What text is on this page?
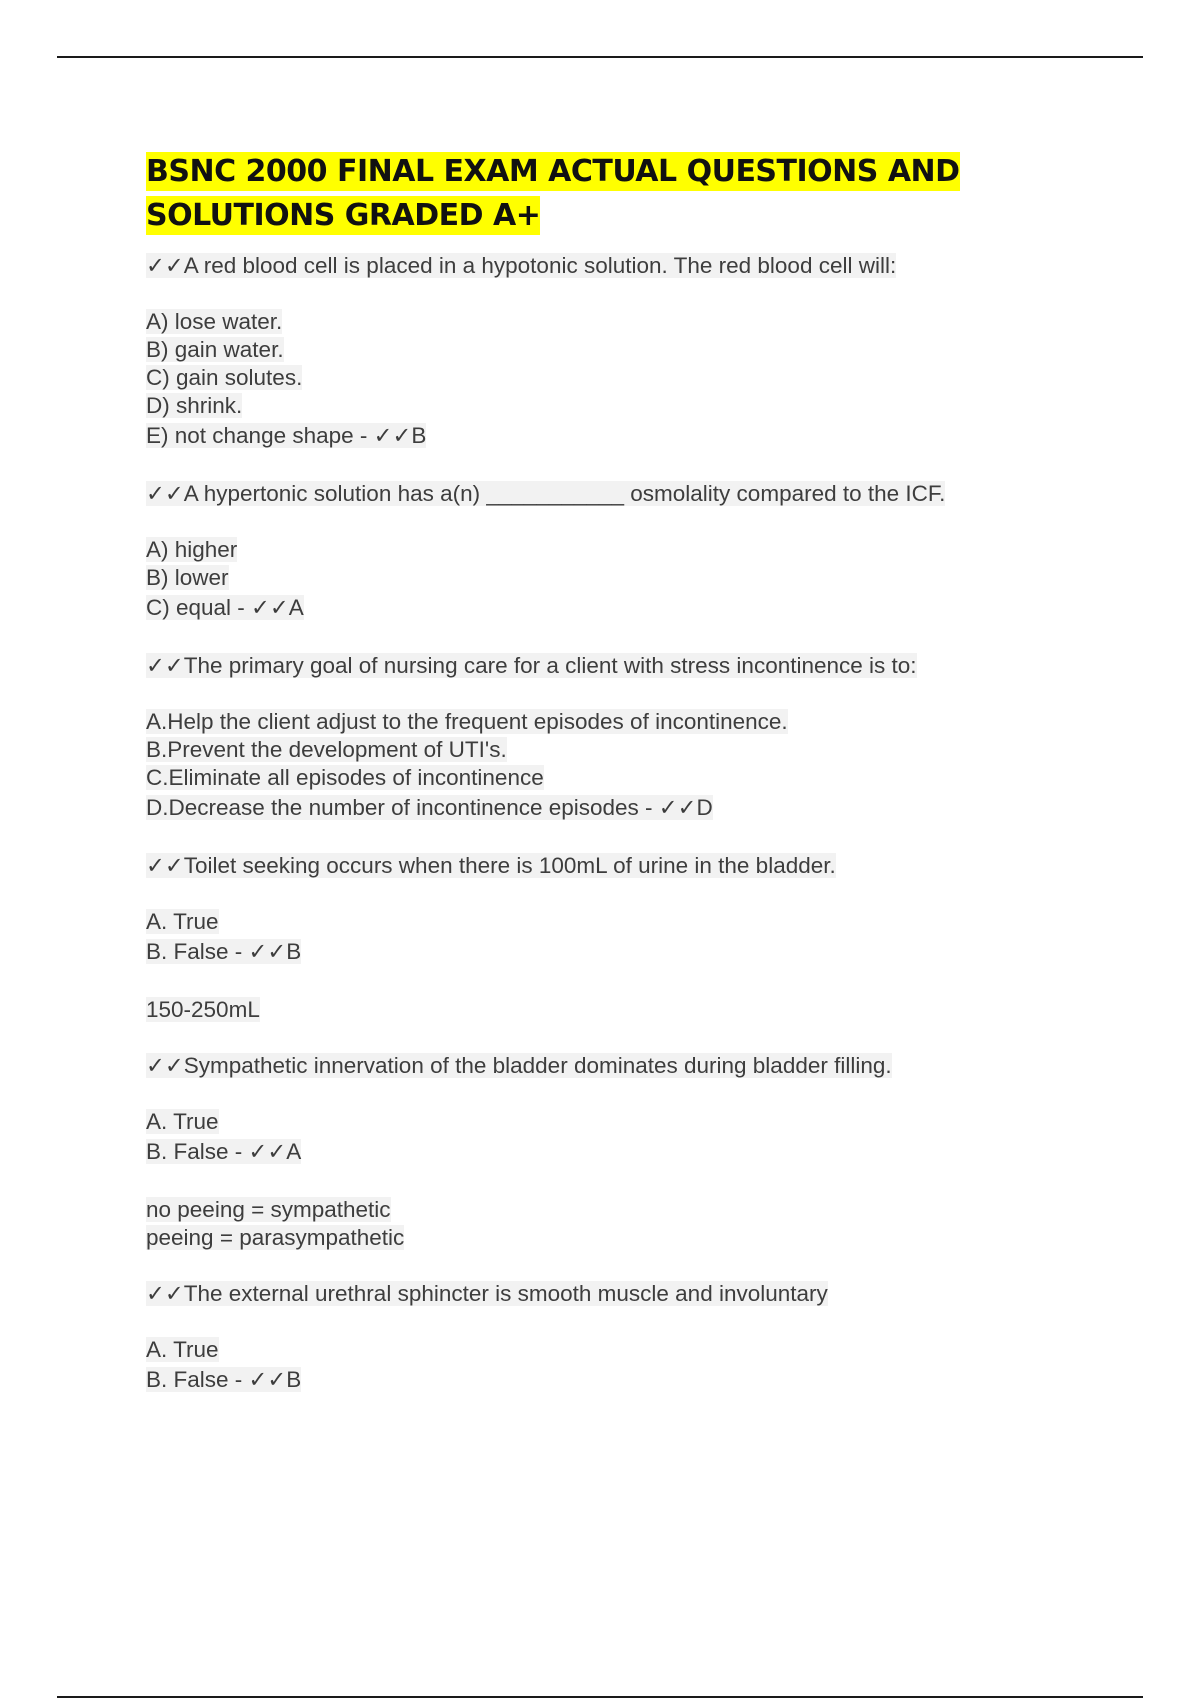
BSNC 2000 FINAL EXAM ACTUAL QUESTIONS AND
SOLUTIONS GRADED A+
✓✓A red blood cell is placed in a hypotonic solution. The red blood cell will:
A) lose water.
B) gain water.
C) gain solutes.
D) shrink.
E) not change shape - ✓✓B
✓✓A hypertonic solution has a(n) ___________ osmolality compared to the ICF.
A) higher
B) lower
C) equal - ✓✓A
✓✓The primary goal of nursing care for a client with stress incontinence is to:
A.Help the client adjust to the frequent episodes of incontinence.
B.Prevent the development of UTI's.
C.Eliminate all episodes of incontinence
D.Decrease the number of incontinence episodes - ✓✓D
✓✓Toilet seeking occurs when there is 100mL of urine in the bladder.
A. True
B. False - ✓✓B
150-250mL
✓✓Sympathetic innervation of the bladder dominates during bladder filling.
A. True
B. False - ✓✓A
no peeing = sympathetic
peeing = parasympathetic
✓✓The external urethral sphincter is smooth muscle and involuntary
A. True
B. False - ✓✓B
